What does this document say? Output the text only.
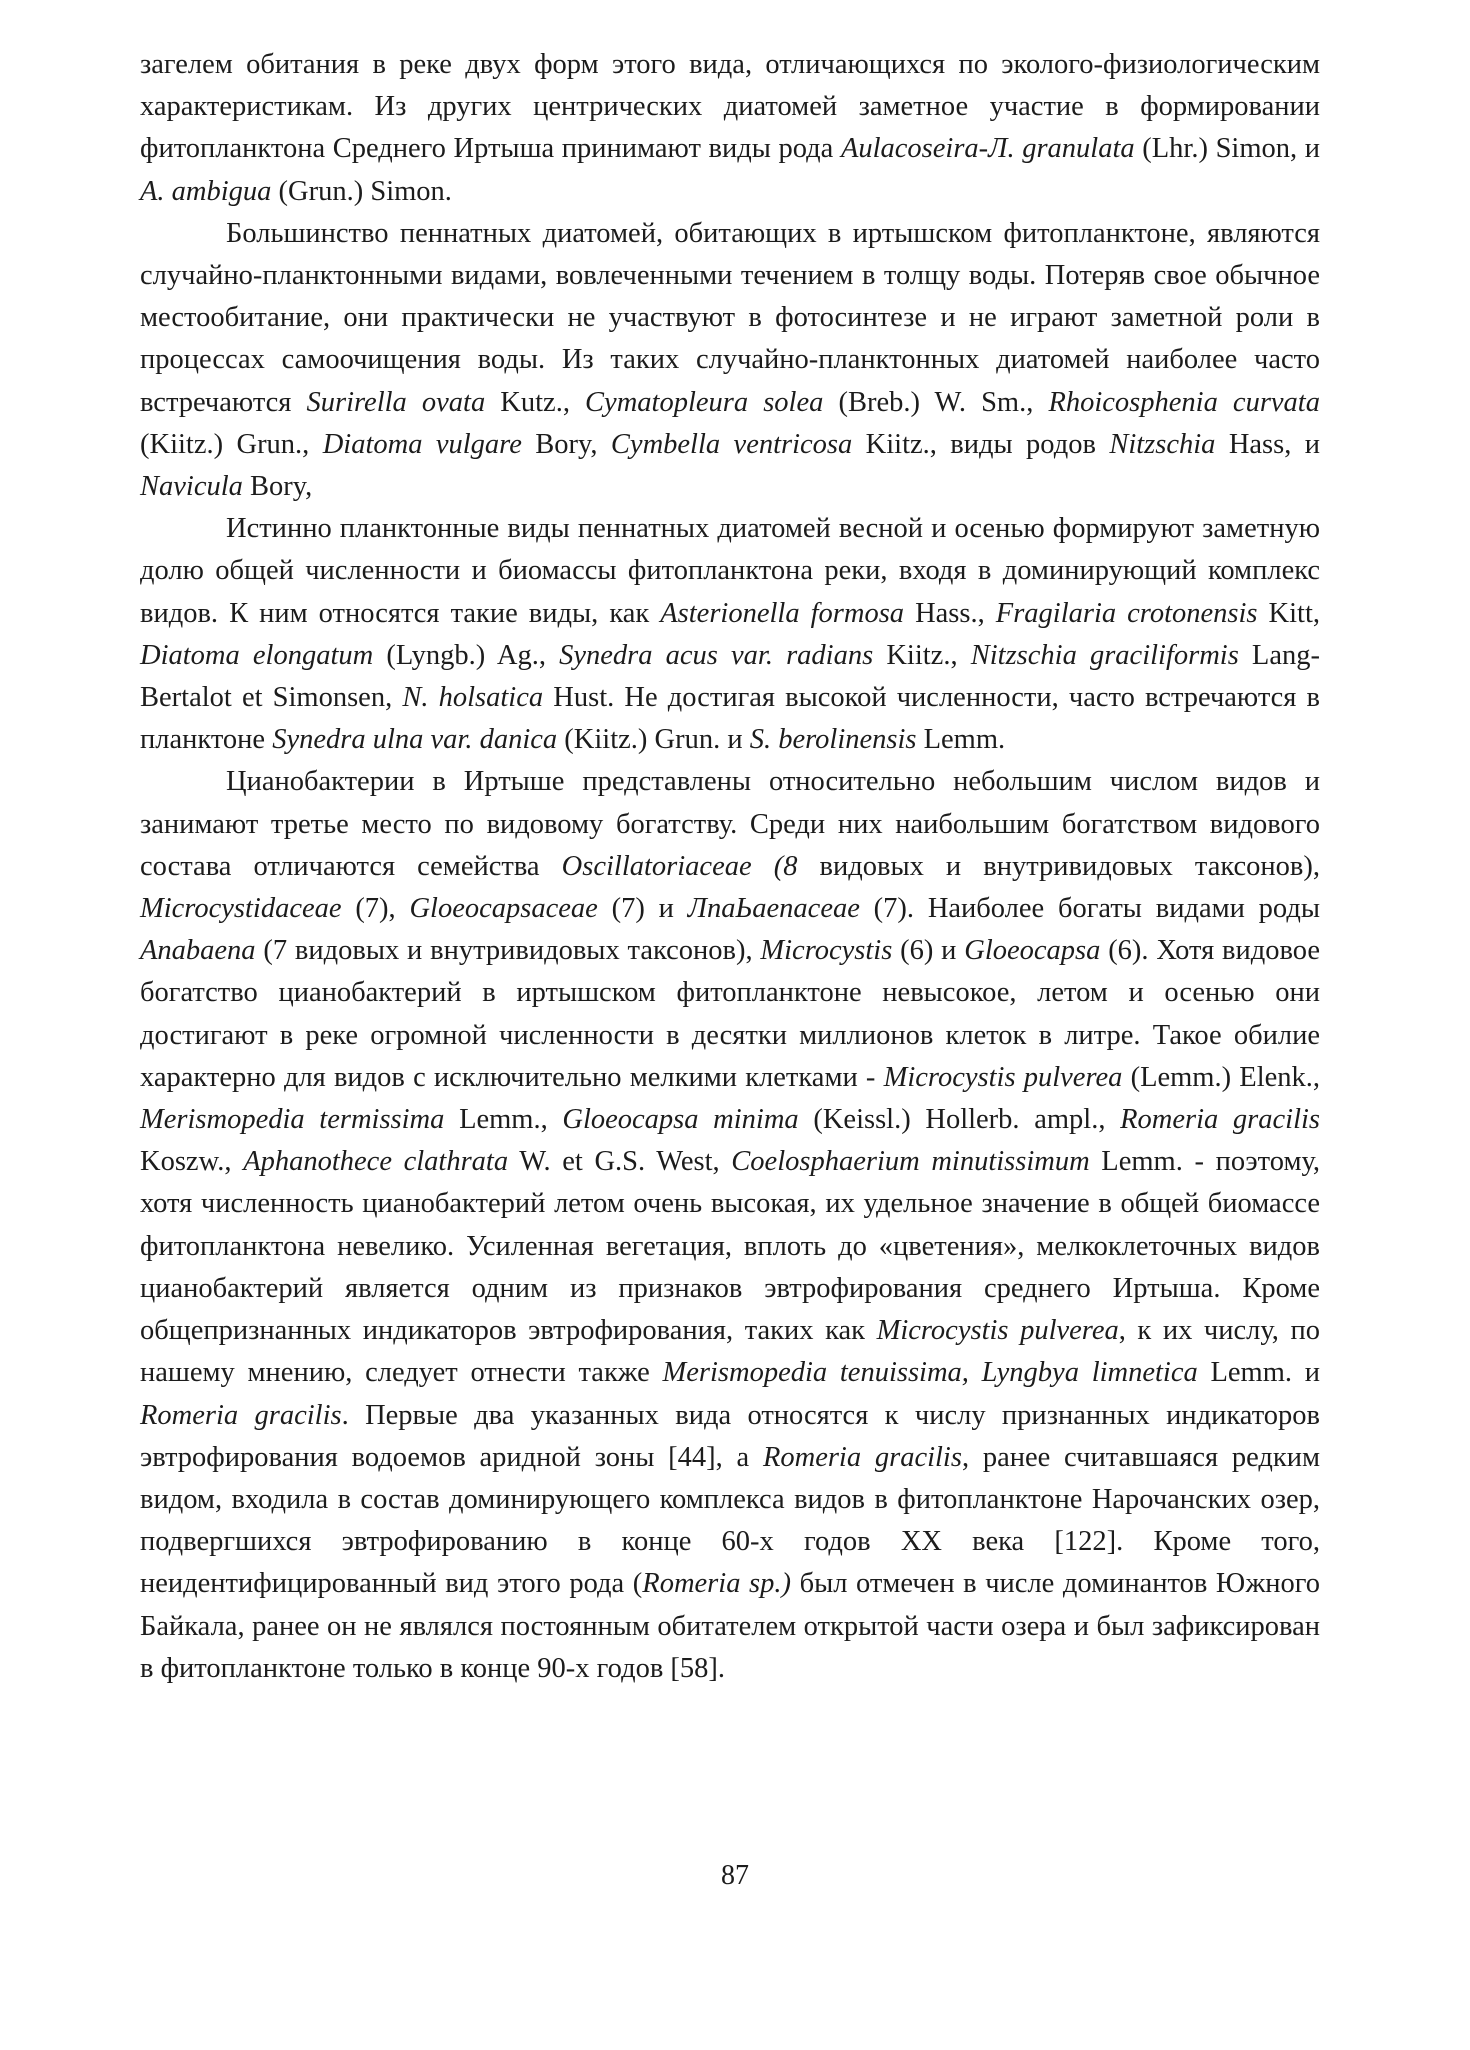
загелем обитания в реке двух форм этого вида, отличающихся по эколого-физиологическим характеристикам. Из других центрических диатомей заметное участие в формировании фитопланктона Среднего Иртыша принимают виды рода Aulacoseira-Л. granulata (Lhr.) Simon, и A. ambigua (Grun.) Simon.

Большинство пеннатных диатомей, обитающих в иртышском фитопланктоне, являются случайно-планктонными видами, вовлеченными течением в толщу воды. Потеряв свое обычное местообитание, они практически не участвуют в фотосинтезе и не играют заметной роли в процессах самоочищения воды. Из таких случайно-планктонных диатомей наиболее часто встречаются Surirella ovata Kutz., Cymatopleura solea (Breb.) W. Sm., Rhoicosphenia curvata (Kiitz.) Grun., Diatoma vulgare Bory, Cymbella ventricosa Kiitz., виды родов Nitzschia Hass, и Navicula Bory,

Истинно планктонные виды пеннатных диатомей весной и осенью формируют заметную долю общей численности и биомассы фитопланктона реки, входя в доминирующий комплекс видов. К ним относятся такие виды, как Asterionella formosa Hass., Fragilaria crotonensis Kitt, Diatoma elongatum (Lyngb.) Ag., Synedra acus var. radians Kiitz., Nitzschia graciliformis Lang-Bertalot et Simonsen, N. holsatica Hust. Не достигая высокой численности, часто встречаются в планктоне Synedra ulna var. danica (Kiitz.) Grun. и S. berolinensis Lemm.

Цианобактерии в Иртыше представлены относительно небольшим числом видов и занимают третье место по видовому богатству. Среди них наибольшим богатством видового состава отличаются семейства Oscillatoriaceae (8 видовых и внутривидовых таксонов), Microcystidaceae (7), Gloeocapsaceae (7) и ЛпаЬаenaceae (7). Наиболее богаты видами роды Anabaena (7 видовых и внутривидовых таксонов), Microcystis (6) и Gloeocapsa (6). Хотя видовое богатство цианобактерий в иртышском фитопланктоне невысокое, летом и осенью они достигают в реке огромной численности в десятки миллионов клеток в литре. Такое обилие характерно для видов с исключительно мелкими клетками - Microcystis pulverea (Lemm.) Elenk., Merismopedia termissima Lemm., Gloeocapsa minima (Keissl.) Hollerb. ampl., Romeria gracilis Koszw., Aphanothece clathrata W. et G.S. West, Coelosphaerium minutissimum Lemm. - поэтому, хотя численность цианобактерий летом очень высокая, их удельное значение в общей биомассе фитопланктона невелико. Усиленная вегетация, вплоть до «цветения», мелкоклеточных видов цианобактерий является одним из признаков эвтрофирования среднего Иртыша. Кроме общепризнанных индикаторов эвтрофирования, таких как Microcystis pulverea, к их числу, по нашему мнению, следует отнести также Merismopedia tenuissima, Lyngbya limnetica Lemm. и Romeria gracilis. Первые два указанных вида относятся к числу признанных индикаторов эвтрофирования водоемов аридной зоны [44], а Romeria gracilis, ранее считавшаяся редким видом, входила в состав доминирующего комплекса видов в фитопланктоне Нарочанских озер, подвергшихся эвтрофированию в конце 60-х годов XX века [122]. Кроме того, неидентифицированный вид этого рода (Romeria sp.) был отмечен в числе доминантов Южного Байкала, ранее он не являлся постоянным обитателем открытой части озера и был зафиксирован в фитопланктоне только в конце 90-х годов [58].

87
